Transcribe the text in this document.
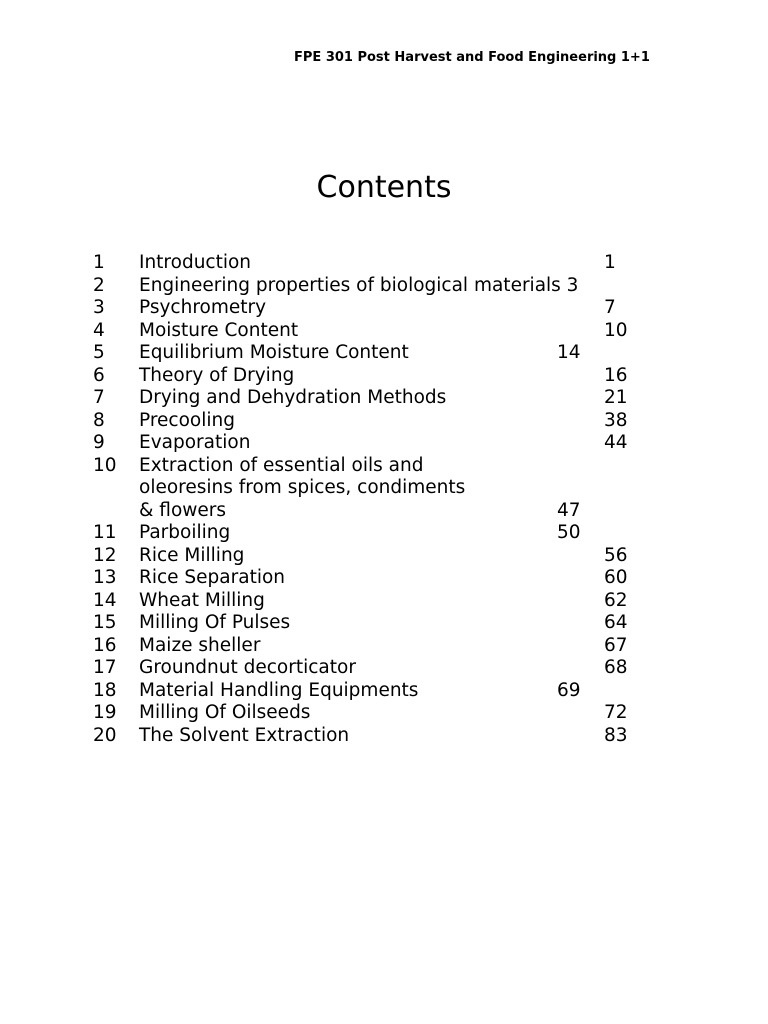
FPE 301 Post Harvest and Food Engineering 1+1
Contents
1 Introduction	1
2 Engineering properties of biological materials 3
3 Psychrometry	7
4 Moisture Content	10
5 Equilibrium Moisture Content	14
6 Theory of Drying	16
7 Drying and Dehydration Methods	21
8 Precooling	38
9 Evaporation	44
10 Extraction of essential oils and
oleoresins from spices, condiments
& flowers	47
11 Parboiling	50
12 Rice Milling	56
13 Rice Separation	60
14 Wheat Milling	62
15 Milling Of Pulses	64
16 Maize sheller	67
17 Groundnut decorticator	68
18 Material Handling Equipments	69
19 Milling Of Oilseeds	72
20 The Solvent Extraction	83
